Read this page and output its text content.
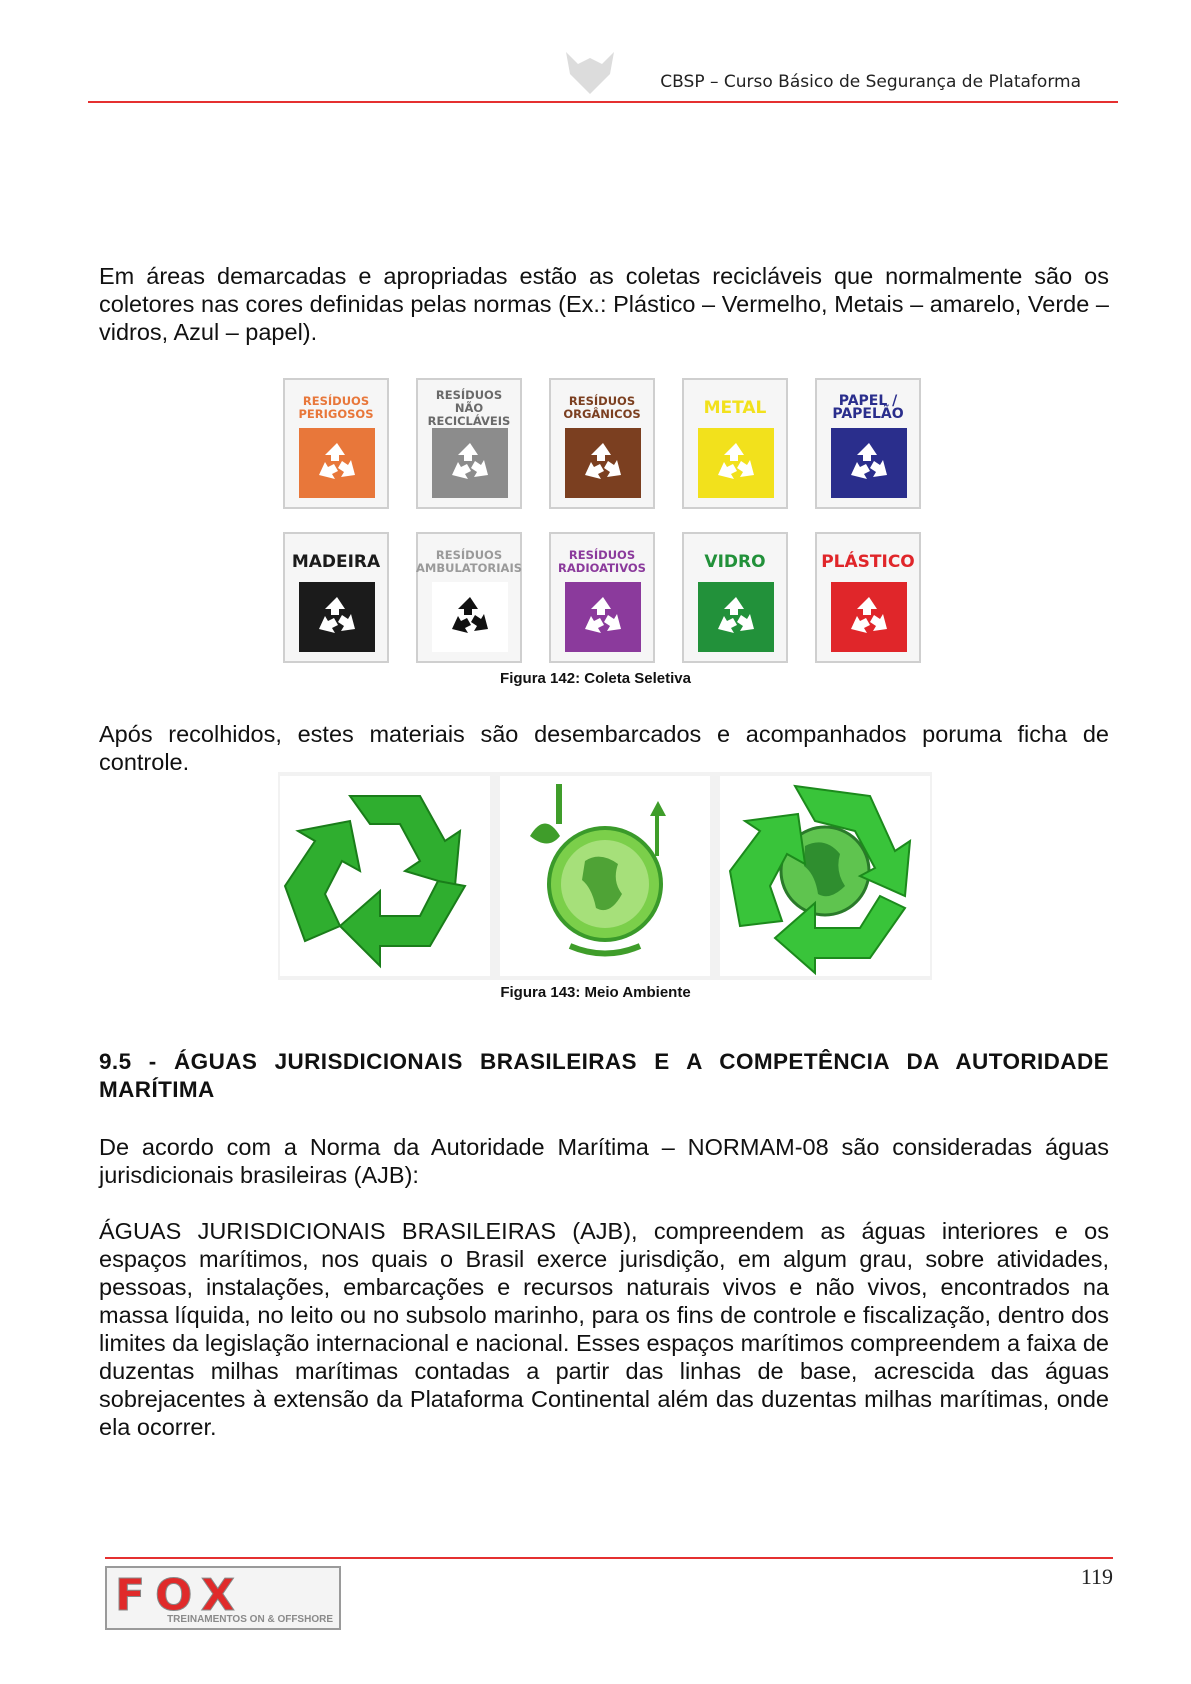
CBSP – Curso Básico de Segurança de Plataforma

Em áreas demarcadas e apropriadas estão as coletas recicláveis que normalmente são os coletores nas cores definidas pelas normas (Ex.: Plástico – Vermelho, Metais – amarelo, Verde – vidros, Azul – papel).

RESÍDUOS PERIGOSOS
RESÍDUOS NÃO RECICLÁVEIS
RESÍDUOS ORGÂNICOS	METAL	PAPEL / PAPELÃO
MADEIRA	RESÍDUOS AMBULATORIAIS
RESÍDUOS RADIOATIVOS	VIDRO	PLÁSTICO
Figura 142: Coleta Seletiva

Após recolhidos, estes materiais são desembarcados e acompanhados poruma ficha de controle.

Figura 143: Meio Ambiente
9.5 - ÁGUAS JURISDICIONAIS BRASILEIRAS E A COMPETÊNCIA DA AUTORIDADE MARÍTIMA

De acordo com a Norma da Autoridade Marítima – NORMAM-08 são consideradas águas jurisdicionais brasileiras (AJB):

ÁGUAS JURISDICIONAIS BRASILEIRAS (AJB), compreendem as águas interiores e os espaços marítimos, nos quais o Brasil exerce jurisdição, em algum grau, sobre atividades, pessoas, instalações, embarcações e recursos naturais vivos e não vivos, encontrados na massa líquida, no leito ou no subsolo marinho, para os fins de controle e fiscalização, dentro dos limites da legislação internacional e nacional. Esses espaços marítimos compreendem a faixa de duzentas milhas marítimas contadas a partir das linhas de base, acrescida das águas sobrejacentes à extensão da Plataforma Continental além das duzentas milhas marítimas, onde ela ocorrer.

FOX
TREINAMENTOS ON & OFFSHORE
119
